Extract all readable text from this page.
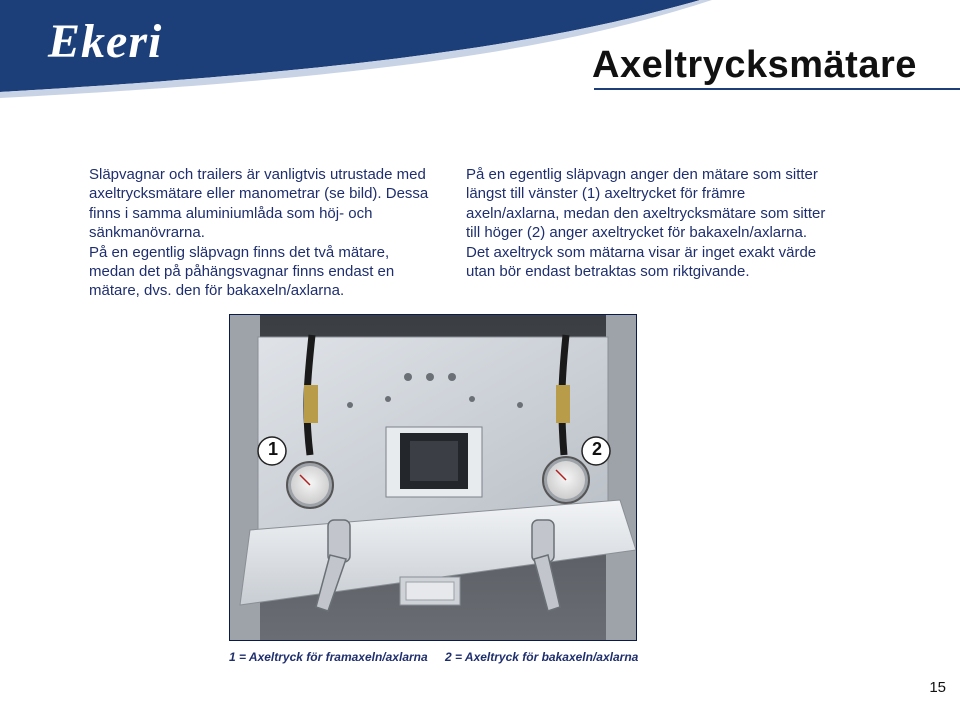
Ekeri	Axeltrycksmätare

Släpvagnar och trailers är vanligtvis utrustade med axeltrycksmätare eller manometrar (se bild). Dessa finns i samma aluminiumlåda som höj- och sänkmanövrarna.

På en egentlig släpvagn finns det två mätare, medan det på påhängsvagnar finns endast en mätare, dvs. den för bakaxeln/axlarna.

På en egentlig släpvagn anger den mätare som sitter längst till vänster (1) axeltrycket för främre axeln/axlarna, medan den axeltrycksmätare som sitter till höger (2) anger axeltrycket för bakaxeln/axlarna. Det axeltryck som mätarna visar är inget exakt värde utan bör endast betraktas som riktgivande.

1	2
1 = Axeltryck för framaxeln/axlarna 2 = Axeltryck för bakaxeln/axlarna
15
